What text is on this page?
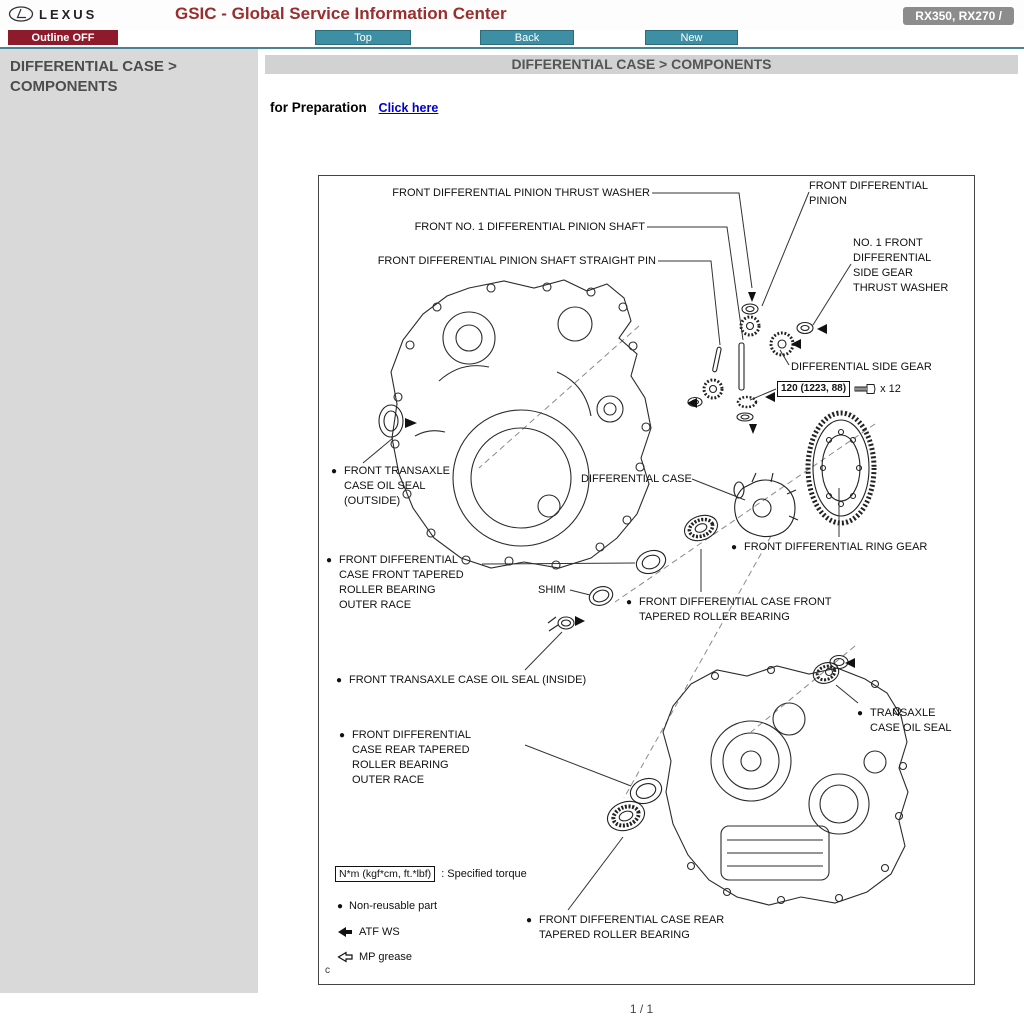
LEXUS	GSIC - Global Service Information Center	RX350, RX270 /
Outline OFF	Top	Back	New
DIFFERENTIAL CASE > COMPONENTS
DIFFERENTIAL CASE > COMPONENTS
for Preparation Click here
FRONT DIFFERENTIAL PINION THRUST WASHER
FRONT NO. 1 DIFFERENTIAL PINION SHAFT
FRONT DIFFERENTIAL PINION SHAFT STRAIGHT PIN
FRONT DIFFERENTIAL PINION
NO. 1 FRONT DIFFERENTIAL SIDE GEAR THRUST WASHER
DIFFERENTIAL SIDE GEAR
120 (1223, 88)	x 12
● FRONT TRANSAXLE CASE OIL SEAL (OUTSIDE)
DIFFERENTIAL CASE
● FRONT DIFFERENTIAL RING GEAR
● FRONT DIFFERENTIAL CASE FRONT TAPERED ROLLER BEARING OUTER RACE
SHIM
● FRONT DIFFERENTIAL CASE FRONT TAPERED ROLLER BEARING
● FRONT TRANSAXLE CASE OIL SEAL (INSIDE)
● FRONT DIFFERENTIAL CASE REAR TAPERED ROLLER BEARING OUTER RACE
● TRANSAXLE CASE OIL SEAL
● FRONT DIFFERENTIAL CASE REAR TAPERED ROLLER BEARING
N*m (kgf*cm, ft.*lbf) : Specified torque
● Non-reusable part
ATF WS
MP grease
c
1 / 1
